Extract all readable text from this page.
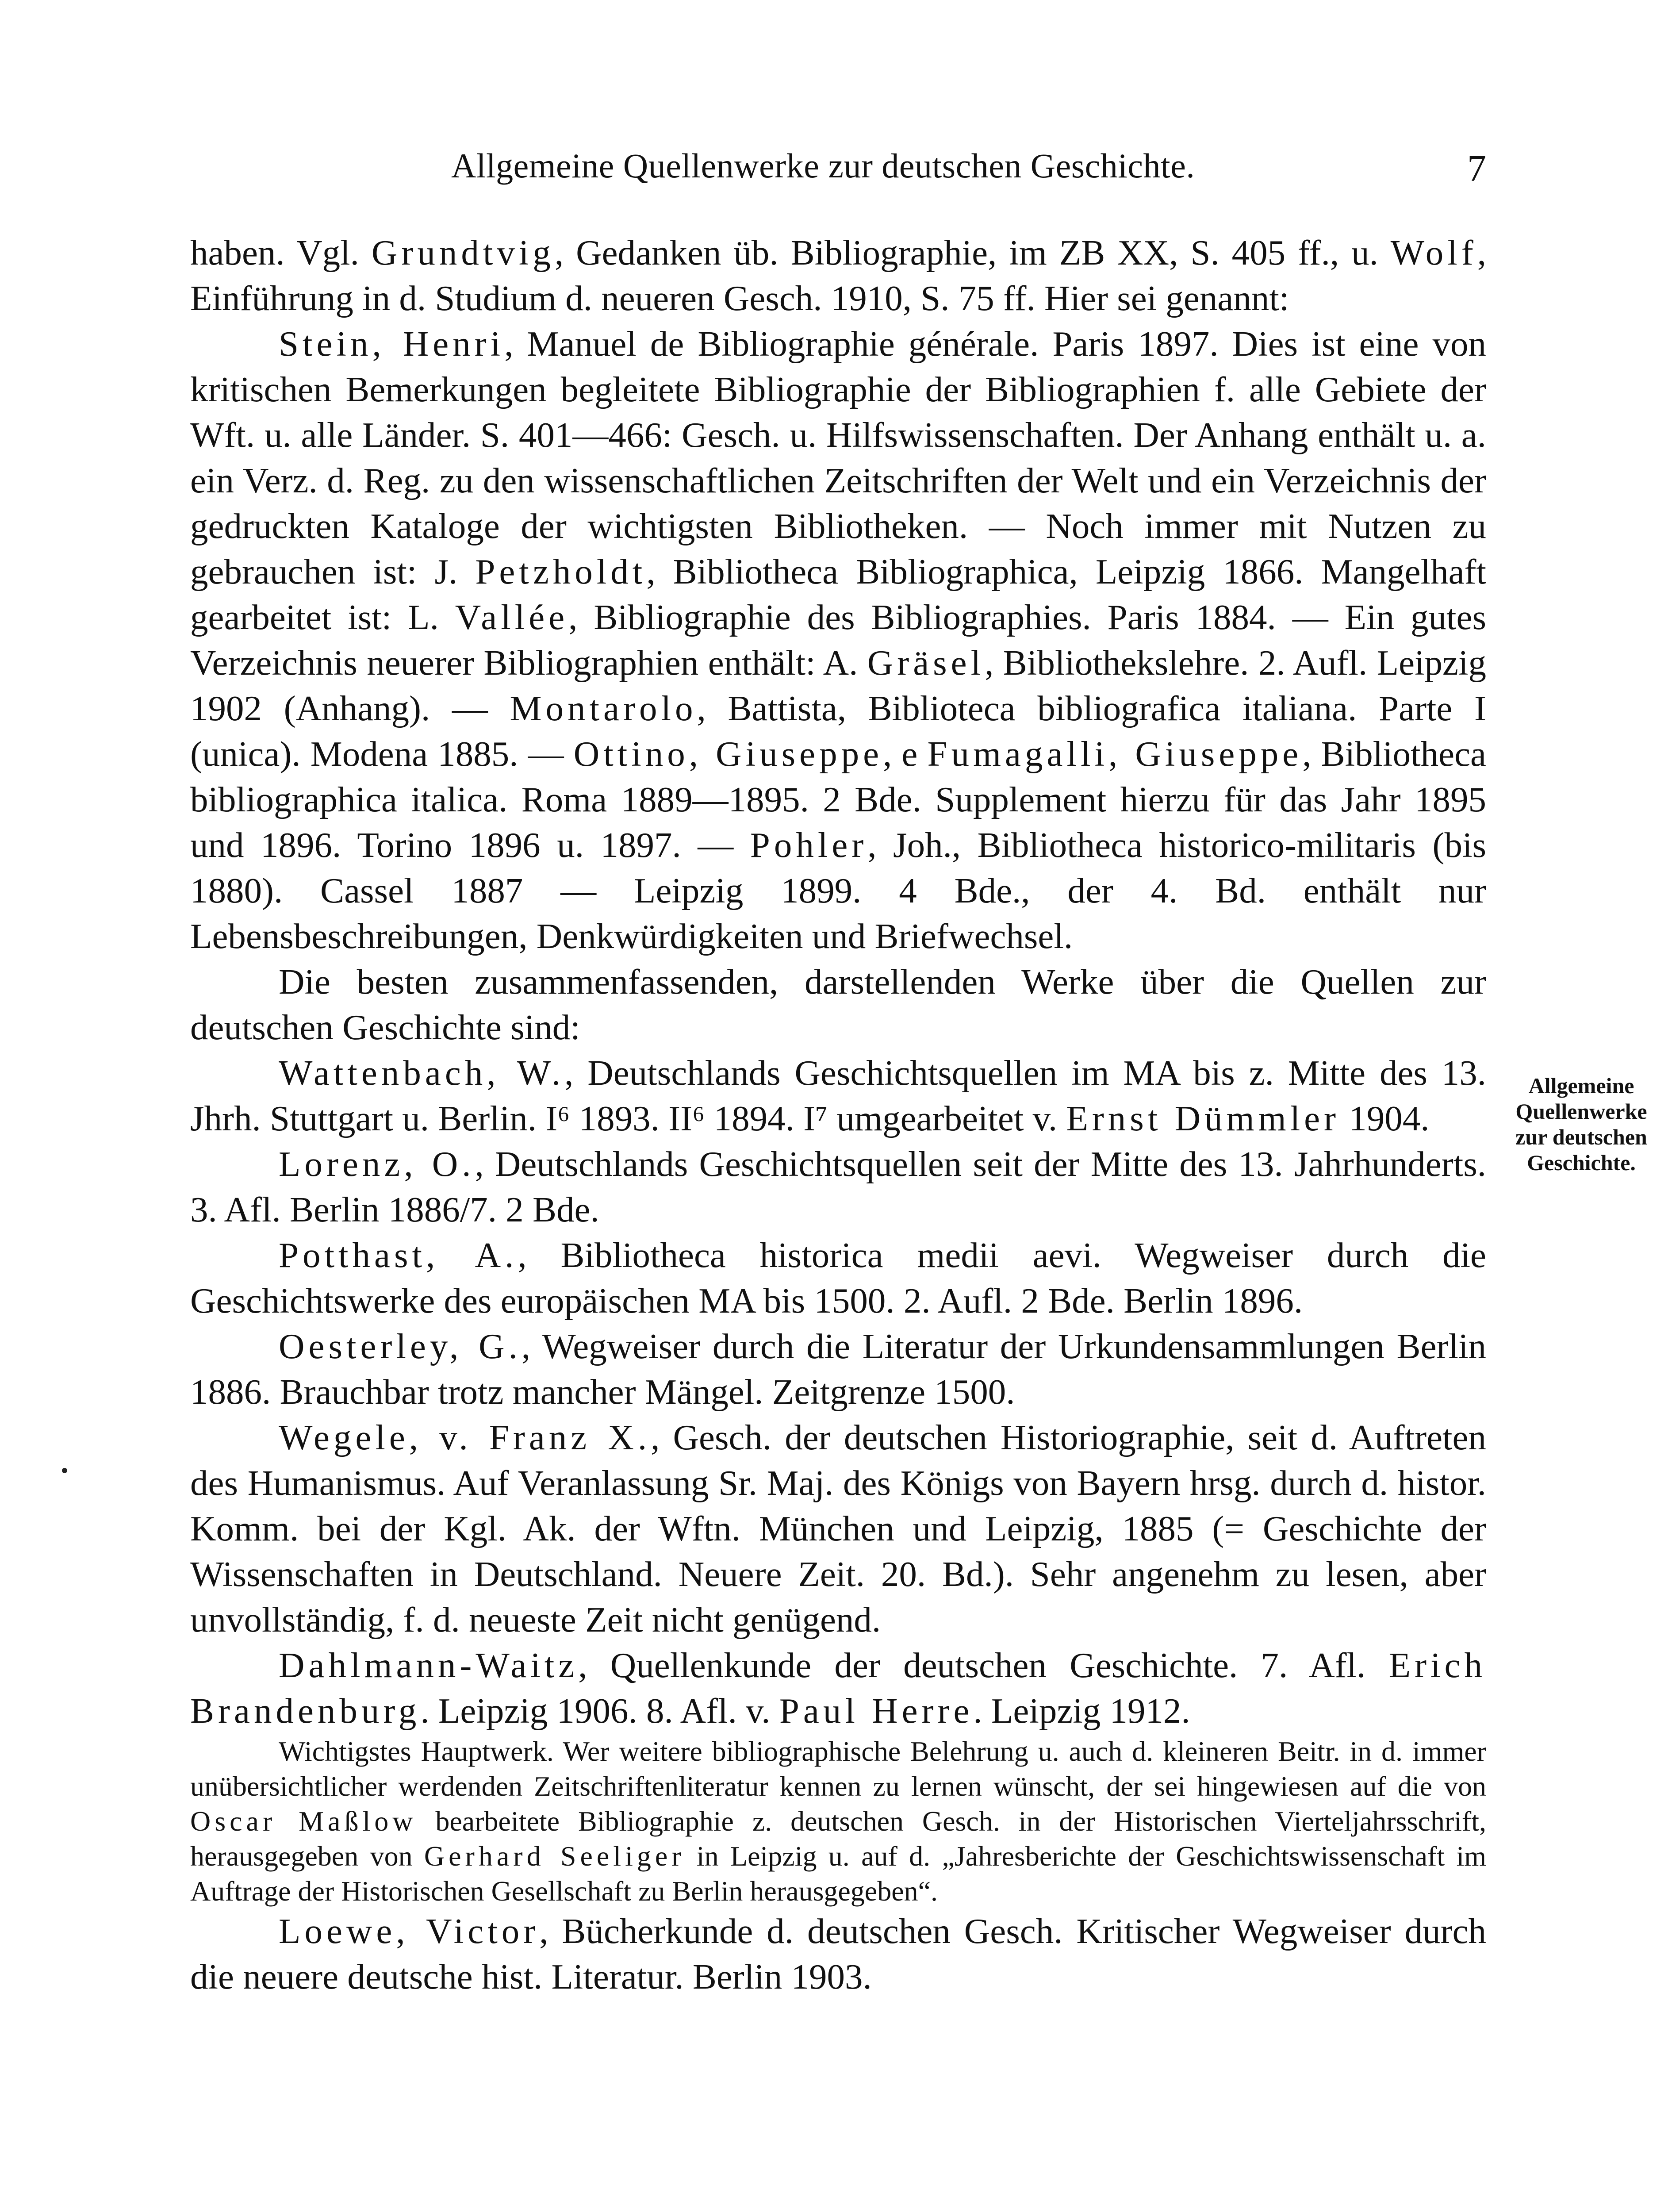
Allgemeine Quellenwerke zur deutschen Geschichte.	7
Allgemeine
Quellenwerke
zur deutschen
Geschichte.

haben. Vgl. Grundtvig, Gedanken üb. Bibliographie, im ZB XX, S. 405 ff., u. Wolf, Einführung in d. Studium d. neueren Gesch. 1910, S. 75 ff. Hier sei genannt:

Stein, Henri, Manuel de Bibliographie générale. Paris 1897. Dies ist eine von kritischen Bemerkungen begleitete Bibliographie der Bibliographien f. alle Gebiete der Wft. u. alle Länder. S. 401—466: Gesch. u. Hilfswissenschaften. Der Anhang enthält u. a. ein Verz. d. Reg. zu den wissenschaftlichen Zeitschriften der Welt und ein Verzeichnis der gedruckten Kataloge der wichtigsten Bibliotheken. — Noch immer mit Nutzen zu gebrauchen ist: J. Petzholdt, Bibliotheca Bibliographica, Leipzig 1866. Mangelhaft gearbeitet ist: L. Vallée, Bibliographie des Bibliographies. Paris 1884. — Ein gutes Verzeichnis neuerer Bibliographien enthält: A. Gräsel, Bibliothekslehre. 2. Aufl. Leipzig 1902 (Anhang). — Montarolo, Battista, Biblioteca bibliografica italiana. Parte I (unica). Modena 1885. — Ottino, Giuseppe, e Fumagalli, Giuseppe, Bibliotheca bibliographica italica. Roma 1889—1895. 2 Bde. Supplement hierzu für das Jahr 1895 und 1896. Torino 1896 u. 1897. — Pohler, Joh., Bibliotheca historico-militaris (bis 1880). Cassel 1887 — Leipzig 1899. 4 Bde., der 4. Bd. enthält nur Lebensbeschreibungen, Denkwürdigkeiten und Briefwechsel.

Die besten zusammenfassenden, darstellenden Werke über die Quellen zur deutschen Geschichte sind:

Wattenbach, W., Deutschlands Geschichtsquellen im MA bis z. Mitte des 13. Jhrh. Stuttgart u. Berlin. I⁶ 1893. II⁶ 1894. I⁷ umgearbeitet v. Ernst Dümmler 1904.

Lorenz, O., Deutschlands Geschichtsquellen seit der Mitte des 13. Jahrhunderts. 3. Afl. Berlin 1886/7. 2 Bde.

Potthast, A., Bibliotheca historica medii aevi. Wegweiser durch die Geschichtswerke des europäischen MA bis 1500. 2. Aufl. 2 Bde. Berlin 1896.

Oesterley, G., Wegweiser durch die Literatur der Urkundensammlungen Berlin 1886. Brauchbar trotz mancher Mängel. Zeitgrenze 1500.

Wegele, v. Franz X., Gesch. der deutschen Historiographie, seit d. Auftreten des Humanismus. Auf Veranlassung Sr. Maj. des Königs von Bayern hrsg. durch d. histor. Komm. bei der Kgl. Ak. der Wftn. München und Leipzig, 1885 (= Geschichte der Wissenschaften in Deutschland. Neuere Zeit. 20. Bd.). Sehr angenehm zu lesen, aber unvollständig, f. d. neueste Zeit nicht genügend.

Dahlmann-Waitz, Quellenkunde der deutschen Geschichte. 7. Afl. Erich Brandenburg. Leipzig 1906. 8. Afl. v. Paul Herre. Leipzig 1912.

Wichtigstes Hauptwerk. Wer weitere bibliographische Belehrung u. auch d. kleineren Beitr. in d. immer unübersichtlicher werdenden Zeitschriftenliteratur kennen zu lernen wünscht, der sei hingewiesen auf die von Oscar Maßlow bearbeitete Bibliographie z. deutschen Gesch. in der Historischen Vierteljahrsschrift, herausgegeben von Gerhard Seeliger in Leipzig u. auf d. „Jahresberichte der Geschichtswissenschaft im Auftrage der Historischen Gesellschaft zu Berlin herausgegeben“.

Loewe, Victor, Bücherkunde d. deutschen Gesch. Kritischer Wegweiser durch die neuere deutsche hist. Literatur. Berlin 1903.
